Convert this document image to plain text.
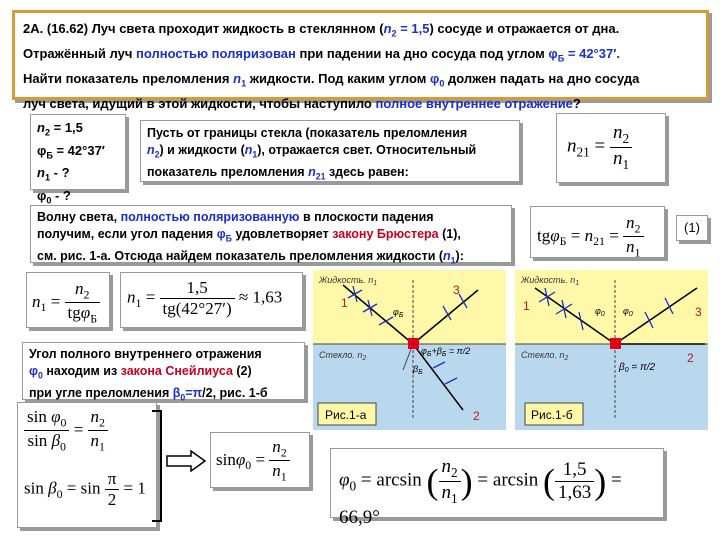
2А. (16.62) Луч света проходит жидкость в стеклянном $(n_2 = 1,5)$ сосуде и отражается от дна.
Отражённый луч полностью поляризован при падении на дно сосуда под углом $\varphi_Б = 42^\circ 37'$.
Найти показатель преломления $n_1$ жидкости. Под каким углом $\varphi_0$ должен падать на дно сосуда
луч света, идущий в этой жидкости, чтобы наступило полное внутреннее отражение?
$n_2 = 1,5$
$\varphi_Б = 42^\circ 37'$
$n_1$ - ?
$\varphi_0$ - ?
Пусть от границы стекла (показатель преломления
$n_2$) и жидкости $(n_1)$, отражается свет. Относительный
показатель преломления $n_{21}$ здесь равен:
$n_{21} = \frac{n_2}{n_1}$
Волну света, полностью поляризованную в плоскости падения
получим, если угол падения $\varphi_Б$ удовлетворяет закону Брюстера (1),
см. рис. 1-а. Отсюда найдем показатель преломления жидкости $(n_1)$:
$tg\varphi_Б = n_{21} = \frac{n_2}{n_1}$	(1)
$n_1 = \frac{n_2}{tg\varphi_Б}$	$n_1 = \frac{1,5}{tg(42^\circ 27')} \approx 1,63$
Угол полного внутреннего отражения
$\varphi_0$ находим из закона Снейлиуса (2)
при угле преломления $\beta_0=\pi/2$, рис. 1-б
$\frac{\sin \varphi_0}{\sin \beta_0} = \frac{n_2}{n_1}$
$\sin \beta_0 = \sin \frac{\pi}{2} = 1$
$\sin\varphi_0 = \frac{n_2}{n_1}$	$\varphi_0 = \arcsin$ ( $\frac{n_2}{n_1}$ ) = arcsin ( $\frac{1,5}{1,63}$ ) = 66,9°
Жидкость. $n_1$
Стекло. $n_2$
1
3
2
$\varphi_Б$
$\varphi_Б+\beta_Б = \pi/2$
$\beta_Б$
Рис.1-а
Жидкость. $n_1$
Стекло. $n_2$
1	3
2
$\varphi_0$ $\varphi_0$
$\beta_0 = \pi/2$
Рис.1-б
